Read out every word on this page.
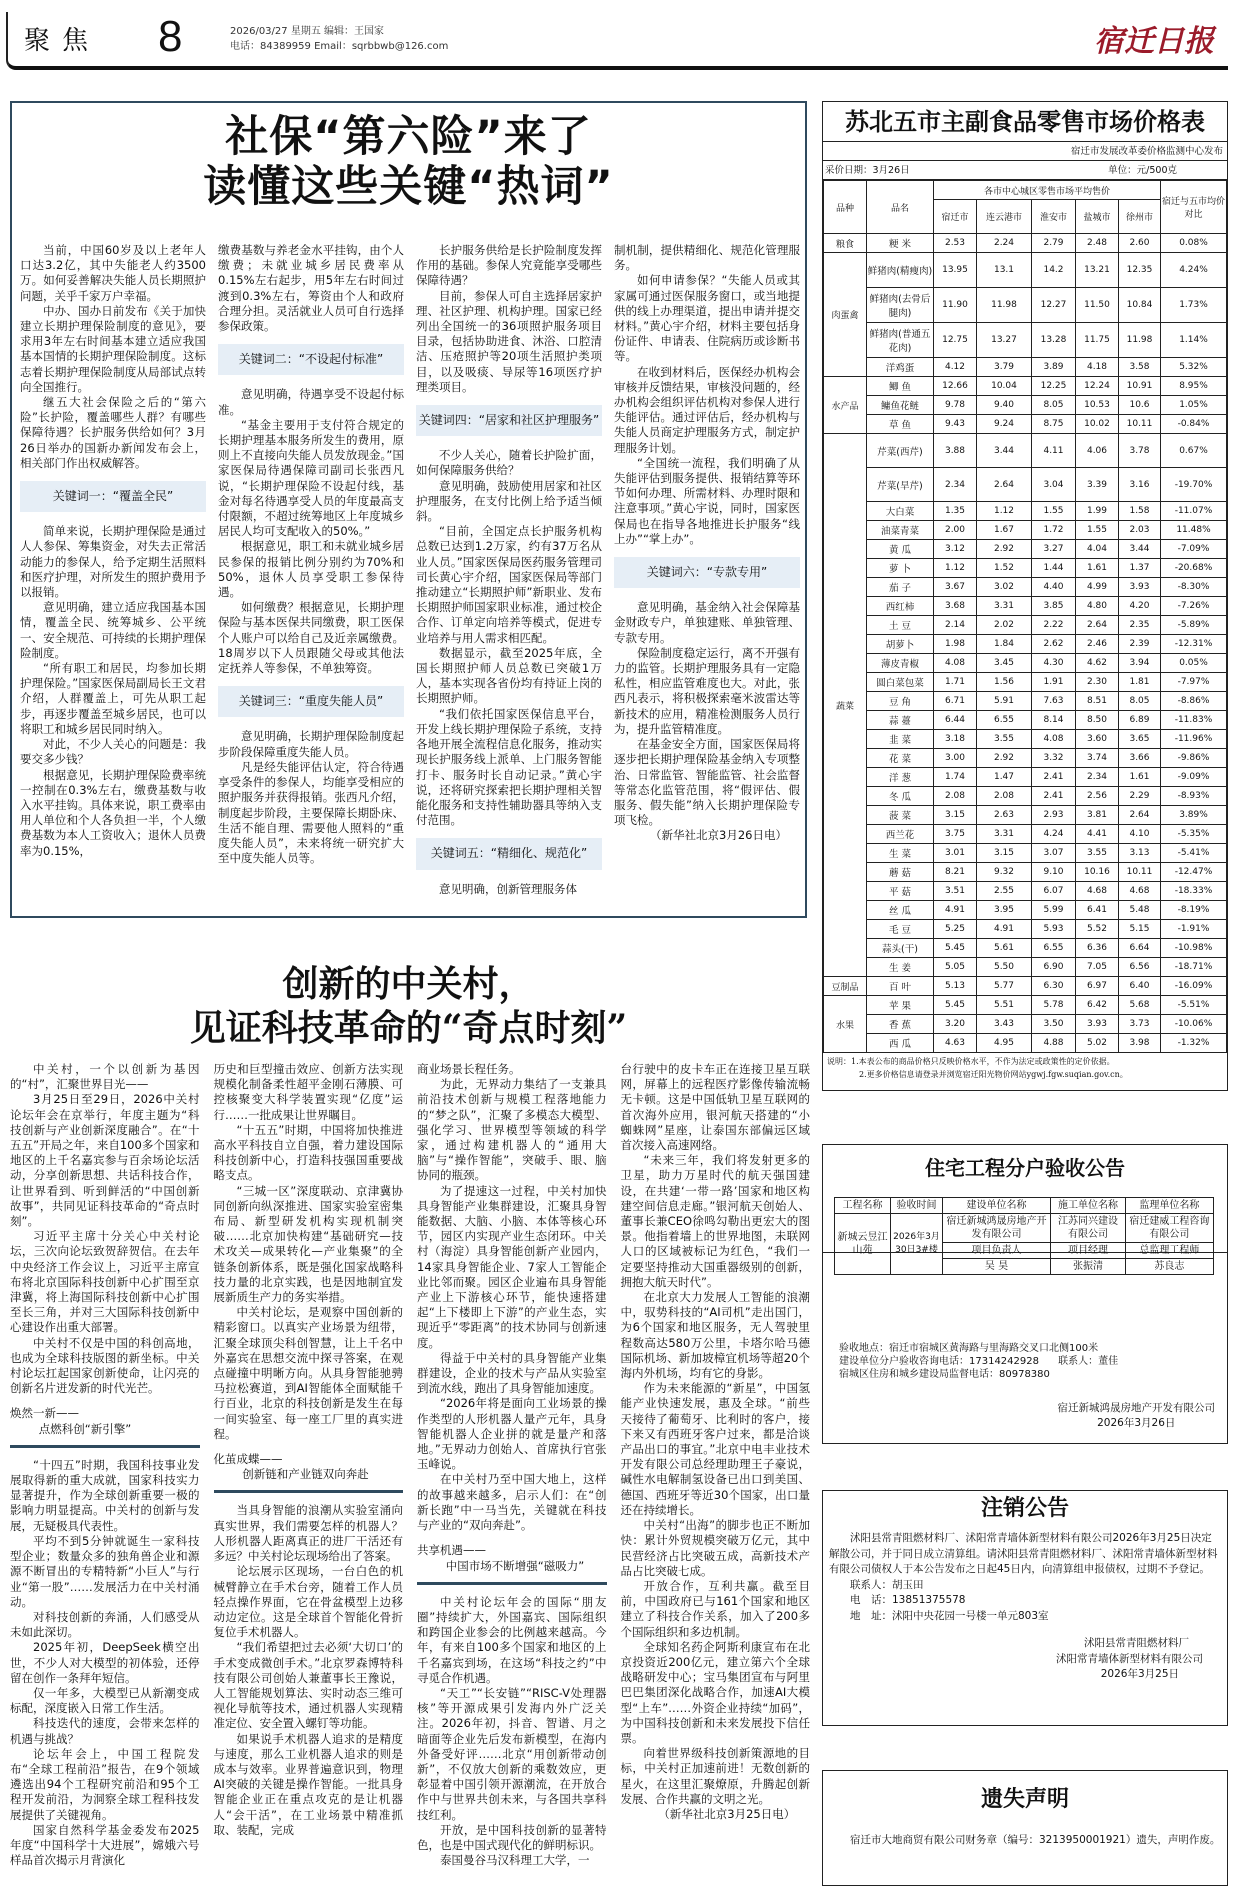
聚焦 8	2026/03/27 星期五 编辑：王国家
电话：84389959 Email：sqrbbwb@126.com	宿迁日报
社保“第六险”来了
读懂这些关键“热词”

当前，中国60岁及以上老年人口达3.2亿，其中失能老人约3500万。如何妥善解决失能人员长期照护问题，关乎千家万户幸福。

中办、国办日前发布《关于加快建立长期护理保险制度的意见》，要求用3年左右时间基本建立适应我国基本国情的长期护理保险制度。这标志着长期护理保险制度从局部试点转向全国推行。

继五大社会保险之后的“第六险”长护险，覆盖哪些人群？有哪些保障待遇？长护服务供给如何？3月26日举办的国新办新闻发布会上，相关部门作出权威解答。

关键词一：“覆盖全民”

简单来说，长期护理保险是通过人人参保、筹集资金，对失去正常活动能力的参保人，给予定期生活照料和医疗护理，对所发生的照护费用予以报销。

意见明确，建立适应我国基本国情，覆盖全民、统筹城乡、公平统一、安全规范、可持续的长期护理保险制度。

“所有职工和居民，均参加长期护理保险。”国家医保局副局长王文君介绍，人群覆盖上，可先从职工起步，再逐步覆盖至城乡居民，也可以将职工和城乡居民同时纳入。

对此，不少人关心的问题是：我要交多少钱？

根据意见，长期护理保险费率统一控制在0.3%左右，缴费基数与收入水平挂钩。具体来说，职工费率由用人单位和个人各负担一半，个人缴费基数为本人工资收入；退休人员费率为0.15%，

缴费基数与养老金水平挂钩，由个人缴费；未就业城乡居民费率从0.15%左右起步，用5年左右时间过渡到0.3%左右，筹资由个人和政府合理分担。灵活就业人员可自行选择参保政策。

关键词二：“不设起付标准”

意见明确，待遇享受不设起付标准。

“基金主要用于支付符合规定的长期护理基本服务所发生的费用，原则上不直接向失能人员发放现金。”国家医保局待遇保障司副司长张西凡说，“长期护理保险不设起付线，基金对每名待遇享受人员的年度最高支付限额，不超过统筹地区上年度城乡居民人均可支配收入的50%。”

根据意见，职工和未就业城乡居民参保的报销比例分别约为70%和50%，退休人员享受职工参保待遇。

如何缴费？根据意见，长期护理保险与基本医保共同缴费，职工医保个人账户可以给自己及近亲属缴费。18周岁以下人员跟随父母或其他法定抚养人等参保，不单独筹资。

关键词三：“重度失能人员”

意见明确，长期护理保险制度起步阶段保障重度失能人员。

凡是经失能评估认定，符合待遇享受条件的参保人，均能享受相应的照护服务并获得报销。张西凡介绍，制度起步阶段，主要保障长期卧床、生活不能自理、需要他人照料的“重度失能人员”，未来将统一研究扩大至中度失能人员等。

长护服务供给是长护险制度发挥作用的基础。参保人究竟能享受哪些保障待遇？

目前，参保人可自主选择居家护理、社区护理、机构护理。国家已经列出全国统一的36项照护服务项目目录，包括协助进食、沐浴、口腔清洁、压疮照护等20项生活照护类项目，以及吸痰、导尿等16项医疗护理类项目。

关键词四：“居家和社区护理服务”

不少人关心，随着长护险扩面，如何保障服务供给？

意见明确，鼓励使用居家和社区护理服务，在支付比例上给予适当倾斜。

“目前，全国定点长护服务机构总数已达到1.2万家，约有37万名从业人员。”国家医保局医药服务管理司司长黄心宇介绍，国家医保局等部门推动建立“长期照护师”新职业、发布长期照护师国家职业标准，通过校企合作、订单定向培养等模式，促进专业培养与用人需求相匹配。

数据显示，截至2025年底，全国长期照护师人员总数已突破1万人，基本实现各省份均有持证上岗的长期照护师。

“我们依托国家医保信息平台，开发上线长期护理保险子系统，支持各地开展全流程信息化服务，推动实现长护服务线上派单、上门服务智能打卡、服务时长自动记录。”黄心宇说，还将研究探索把长期护理相关智能化服务和支持性辅助器具等纳入支付范围。

关键词五：“精细化、规范化”

意见明确，创新管理服务体

制机制，提供精细化、规范化管理服务。

如何申请参保？“失能人员或其家属可通过医保服务窗口，或当地提供的线上办理渠道，提出申请并提交材料。”黄心宇介绍，材料主要包括身份证件、申请表、住院病历或诊断书等。

在收到材料后，医保经办机构会审核并反馈结果，审核没问题的，经办机构会组织评估机构对参保人进行失能评估。通过评估后，经办机构与失能人员商定护理服务方式，制定护理服务计划。

“全国统一流程，我们明确了从失能评估到服务提供、报销结算等环节如何办理、所需材料、办理时限和注意事项。”黄心宇说，同时，国家医保局也在指导各地推进长护服务“线上办”“掌上办”。

关键词六：“专款专用”

意见明确，基金纳入社会保障基金财政专户，单独建账、单独管理、专款专用。

保险制度稳定运行，离不开强有力的监管。长期护理服务具有一定隐私性，相应监管难度也大。对此，张西凡表示，将积极探索毫米波雷达等新技术的应用，精准检测服务人员行为，提升监管精准度。

在基金安全方面，国家医保局将逐步把长期护理保险基金纳入专项整治、日常监管、智能监管、社会监督等常态化监管范围，将“假评估、假服务、假失能”纳入长期护理保险专项飞检。

（新华社北京3月26日电）

创新的中关村，
见证科技革命的“奇点时刻”

中关村，一个以创新为基因的“村”，汇聚世界目光——

3月25日至29日，2026中关村论坛年会在京举行，年度主题为“科技创新与产业创新深度融合”。在“十五五”开局之年，来自100多个国家和地区的上千名嘉宾参与百余场论坛活动，分享创新思想、共话科技合作，让世界看到、听到鲜活的“中国创新故事”，共同见证科技革命的“奇点时刻”。

习近平主席十分关心中关村论坛，三次向论坛致贺辞贺信。在去年中央经济工作会议上，习近平主席宣布将北京国际科技创新中心扩围至京津冀，将上海国际科技创新中心扩围至长三角，并对三大国际科技创新中心建设作出重大部署。

中关村不仅是中国的科创高地，也成为全球科技版图的新坐标。中关村论坛扛起国家创新使命，让闪亮的创新名片迸发新的时代光芒。

焕然一新——
点燃科创“新引擎”

“十四五”时期，我国科技事业发展取得新的重大成就，国家科技实力显著提升，作为全球创新重要一极的影响力明显提高。中关村的创新与发展，无疑极具代表性。

平均不到5分钟就诞生一家科技型企业；数量众多的独角兽企业和源源不断冒出的专精特新“小巨人”与行业“第一股”……发展活力在中关村涌动。

对科技创新的奔涌，人们感受从未如此深切。

2025年初，DeepSeek横空出世，不少人对大模型的初体验，还停留在创作一条拜年短信。

仅一年多，大模型已从新潮变成标配，深度嵌入日常工作生活。

科技迭代的速度，会带来怎样的机遇与挑战？

论坛年会上，中国工程院发布“全球工程前沿”报告，在9个领域遴选出94个工程研究前沿和95个工程开发前沿，为洞察全球工程科技发展提供了关键视角。

国家自然科学基金委发布2025年度“中国科学十大进展”，嫦娥六号样品首次揭示月背演化

历史和巨型撞击效应、创新方法实现规模化制备柔性超平金刚石薄膜、可控核聚变大科学装置实现“亿度”运行……一批成果让世界瞩目。

“十五五”时期，中国将加快推进高水平科技自立自强，着力建设国际科技创新中心，打造科技强国重要战略支点。

“三城一区”深度联动、京津冀协同创新向纵深推进、国家实验室密集布局、新型研发机构实现机制突破……北京加快构建“基础研究—技术攻关—成果转化—产业集聚”的全链条创新体系，既是强化国家战略科技力量的北京实践，也是因地制宜发展新质生产力的务实举措。

中关村论坛，是观察中国创新的精彩窗口。以真实产业场景为纽带，汇聚全球顶尖科创智慧，让上千名中外嘉宾在思想交流中探寻答案，在观点碰撞中明晰方向。从具身智能驰骋马拉松赛道，到AI智能体全面赋能千行百业，北京的科技创新是发生在每一间实验室、每一座工厂里的真实进程。

化茧成蝶——
创新链和产业链双向奔赴

当具身智能的浪潮从实验室涌向真实世界，我们需要怎样的机器人？人形机器人距离真正的进厂干活还有多远？中关村论坛现场给出了答案。

论坛展示区现场，一台白色的机械臂静立在手术台旁，随着工作人员轻点操作界面，它在骨盆模型上边移动边定位。这是全球首个智能化骨折复位手术机器人。

“我们希望把过去必须‘大切口’的手术变成微创手术。”北京罗森博特科技有限公司创始人兼董事长王豫说，人工智能规划算法、实时动态三维可视化导航等技术，通过机器人实现精准定位、安全置入螺钉等功能。

如果说手术机器人追求的是精度与速度，那么工业机器人追求的则是成本与效率。业界普遍意识到，物理AI突破的关键是操作智能。一批具身智能企业正在重点攻克的是让机器人“会干活”，在工业场景中精准抓取、装配，完成

商业场景长程任务。

为此，无界动力集结了一支兼具前沿技术创新与规模工程落地能力的“梦之队”，汇聚了多模态大模型、强化学习、世界模型等领域的科学家，通过构建机器人的“通用大脑”与“操作智能”，突破手、眼、脑协同的瓶颈。

为了提速这一过程，中关村加快具身智能产业集群建设，汇聚具身智能数据、大脑、小脑、本体等核心环节，园区内实现产业生态闭环。中关村（海淀）具身智能创新产业园内，14家具身智能企业、7家人工智能企业比邻而聚。园区企业遍布具身智能产业上下游核心环节，能快速搭建起“上下楼即上下游”的产业生态，实现近乎“零距离”的技术协同与创新速度。

得益于中关村的具身智能产业集群建设，企业的技术与产品从实验室到流水线，跑出了具身智能加速度。

“2026年将是面向工业场景的操作类型的人形机器人量产元年，具身智能机器人企业拼的就是量产和落地。”无界动力创始人、首席执行官张玉峰说。

在中关村乃至中国大地上，这样的故事越来越多，启示人们：在“创新长跑”中一马当先，关键就在科技与产业的“双向奔赴”。

共享机遇——
中国市场不断增强“磁吸力”

中关村论坛年会的国际“朋友圈”持续扩大，外国嘉宾、国际组织和跨国企业参会的比例越来越高。今年，有来自100多个国家和地区的上千名嘉宾到场，在这场“科技之约”中寻觅合作机遇。

“天工”“长安链”“RISC-V处理器核”等开源成果引发海内外广泛关注。2026年初，抖音、智谱、月之暗面等企业先后发布新模型，在海内外备受好评……北京“用创新带动创新”，不仅放大创新的乘数效应，更彰显着中国引领开源潮流，在开放合作中与世界共创未来，与各国共享科技红利。

开放，是中国科技创新的显著特色，也是中国式现代化的鲜明标识。

泰国曼谷马汉科理工大学，一

台行驶中的皮卡车正在连接卫星互联网，屏幕上的远程医疗影像传输流畅无卡顿。这是中国低轨卫星互联网的首次海外应用，银河航天搭建的“小蜘蛛网”星座，让泰国东部偏远区域首次接入高速网络。

“未来三年，我们将发射更多的卫星，助力万星时代的航天强国建设，在共建‘一带一路’国家和地区构建空间信息走廊。”银河航天创始人、董事长兼CEO徐鸣勾勒出更宏大的图景。他指着墙上的世界地图，未联网人口的区域被标记为红色，“我们一定要坚持推动大国重器级别的创新，拥抱大航天时代”。

在北京大力发展人工智能的浪潮中，驭势科技的“AI司机”走出国门，为6个国家和地区服务，无人驾驶里程数高达580万公里，卡塔尔哈马德国际机场、新加坡樟宜机场等超20个海内外机场，均有它的身影。

作为未来能源的“新星”，中国氢能产业快速发展，惠及全球。“前些天接待了葡萄牙、比利时的客户，接下来又有西班牙客户过来，都是洽谈产品出口的事宜。”北京中电丰业技术开发有限公司总经理助理王子豪说，碱性水电解制氢设备已出口到美国、德国、西班牙等近30个国家，出口量还在持续增长。

中关村“出海”的脚步也正不断加快：累计外贸规模突破万亿元，其中民营经济占比突破五成，高新技术产品占比突破七成。

开放合作，互利共赢。截至目前，中国政府已与161个国家和地区建立了科技合作关系，加入了200多个国际组织和多边机制。

全球知名药企阿斯利康宣布在北京投资近200亿元，建立第六个全球战略研发中心；宝马集团宣布与阿里巴巴集团深化战略合作，加速AI大模型“上车”……外资企业持续“加码”，为中国科技创新和未来发展投下信任票。

向着世界级科技创新策源地的目标，中关村正加速前进！无数创新的星火，在这里汇聚燎原，升腾起创新发展、合作共赢的文明之光。

（新华社北京3月25日电）

苏北五市主副食品零售市场价格表
宿迁市发展改革委价格监测中心发布
采价日期：3月26日	单位：元/500克
品种	品名	各市中心城区零售市场平均售价					宿迁与五市均价对比
		宿迁市	连云港市	淮安市	盐城市	徐州市	
粮食	粳 米	2.53	2.24	2.79	2.48	2.60	0.08%
肉蛋禽	鲜猪肉(精瘦肉)	13.95	13.1	14.2	13.21	12.35	4.24%
	鲜猪肉(去骨后腿肉)	11.90	11.98	12.27	11.50	10.84	1.73%
	鲜猪肉(普通五花肉)	12.75	13.27	13.28	11.75	11.98	1.14%
	洋鸡蛋	4.12	3.79	3.89	4.18	3.58	5.32%
水产品	鲫 鱼	12.66	10.04	12.25	12.24	10.91	8.95%
	鳙鱼花鲢	9.78	9.40	8.05	10.53	10.6	1.05%
	草 鱼	9.43	9.24	8.75	10.02	10.11	-0.84%
蔬菜	芹菜(西芹)	3.88	3.44	4.11	4.06	3.78	0.67%
	芹菜(旱芹)	2.34	2.64	3.04	3.39	3.16	-19.70%
	大白菜	1.35	1.12	1.55	1.99	1.58	-11.07%
	油菜青菜	2.00	1.67	1.72	1.55	2.03	11.48%
	黄 瓜	3.12	2.92	3.27	4.04	3.44	-7.09%
	萝 卜	1.12	1.52	1.44	1.61	1.37	-20.68%
	茄 子	3.67	3.02	4.40	4.99	3.93	-8.30%
	西红柿	3.68	3.31	3.85	4.80	4.20	-7.26%
	土 豆	2.14	2.02	2.22	2.64	2.35	-5.89%
	胡萝卜	1.98	1.84	2.62	2.46	2.39	-12.31%
	薄皮青椒	4.08	3.45	4.30	4.62	3.94	0.05%
	圆白菜包菜	1.71	1.56	1.91	2.30	1.81	-7.97%
	豆 角	6.71	5.91	7.63	8.51	8.05	-8.86%
	蒜 薹	6.44	6.55	8.14	8.50	6.89	-11.83%
	韭 菜	3.18	3.55	4.08	3.60	3.65	-11.96%
	花 菜	3.00	2.92	3.32	3.74	3.66	-9.86%
	洋 葱	1.74	1.47	2.41	2.34	1.61	-9.09%
	冬 瓜	2.08	2.08	2.41	2.56	2.29	-8.93%
	菠 菜	3.15	2.63	2.93	3.81	2.64	3.89%
	西兰花	3.75	3.31	4.24	4.41	4.10	-5.35%
	生 菜	3.01	3.15	3.07	3.55	3.13	-5.41%
	蘑 菇	8.21	9.32	9.10	10.16	10.11	-12.47%
	平 菇	3.51	2.55	6.07	4.68	4.68	-18.33%
	丝 瓜	4.91	3.95	5.99	6.41	5.48	-8.19%
	毛 豆	5.25	4.91	5.93	5.52	5.15	-1.91%
	蒜头(干)	5.45	5.61	6.55	6.36	6.64	-10.98%
	生 姜	5.05	5.50	6.90	7.05	6.56	-18.71%
豆制品	百 叶	5.13	5.77	6.30	6.97	6.40	-16.09%
水果	苹 果	5.45	5.51	5.78	6.42	5.68	-5.51%
	香 蕉	3.20	3.43	3.50	3.93	3.73	-10.06%
	西 瓜	4.63	4.95	4.88	5.02	3.98	-1.32%
说明：1.本表公布的商品价格只反映价格水平，不作为法定或政策性的定价依据。
2.更多价格信息请登录并浏览宿迁阳光物价网站ygwj.fgw.suqian.gov.cn。
住宅工程分户验收公告
工程名称	验收时间	建设单位名称	施工单位名称	监理单位名称
新城云昱江山苑	2026年3月30日3#楼	宿迁新城鸿晟房地产开发有限公司	江苏同兴建设有限公司	宿迁建威工程咨询有限公司
		项目负责人	项目经理	总监理工程师
		吴 昊	张振清	苏良志
验收地点：宿迁市宿城区黄海路与里海路交叉口北侧100米
建设单位分户验收咨询电话：17314242928 联系人：董佳
宿城区住房和城乡建设局监督电话：80978380
宿迁新城鸿晟房地产开发有限公司
2026年3月26日
注销公告

沭阳县常青阻燃材料厂、沭阳常青墙体新型材料有限公司2026年3月25日决定解散公司，并于同日成立清算组。请沭阳县常青阻燃材料厂、沭阳常青墙体新型材料有限公司债权人于本公告发布之日起45日内，向清算组申报债权，过期不予登记。

联系人：胡玉田

电　话：13851375578

地　址：沭阳中央花园一号楼一单元803室

沭阳县常青阻燃材料厂
沭阳常青墙体新型材料有限公司
2026年3月25日
遗失声明

宿迁市大地商贸有限公司财务章（编号：3213950001921）遗失，声明作废。
